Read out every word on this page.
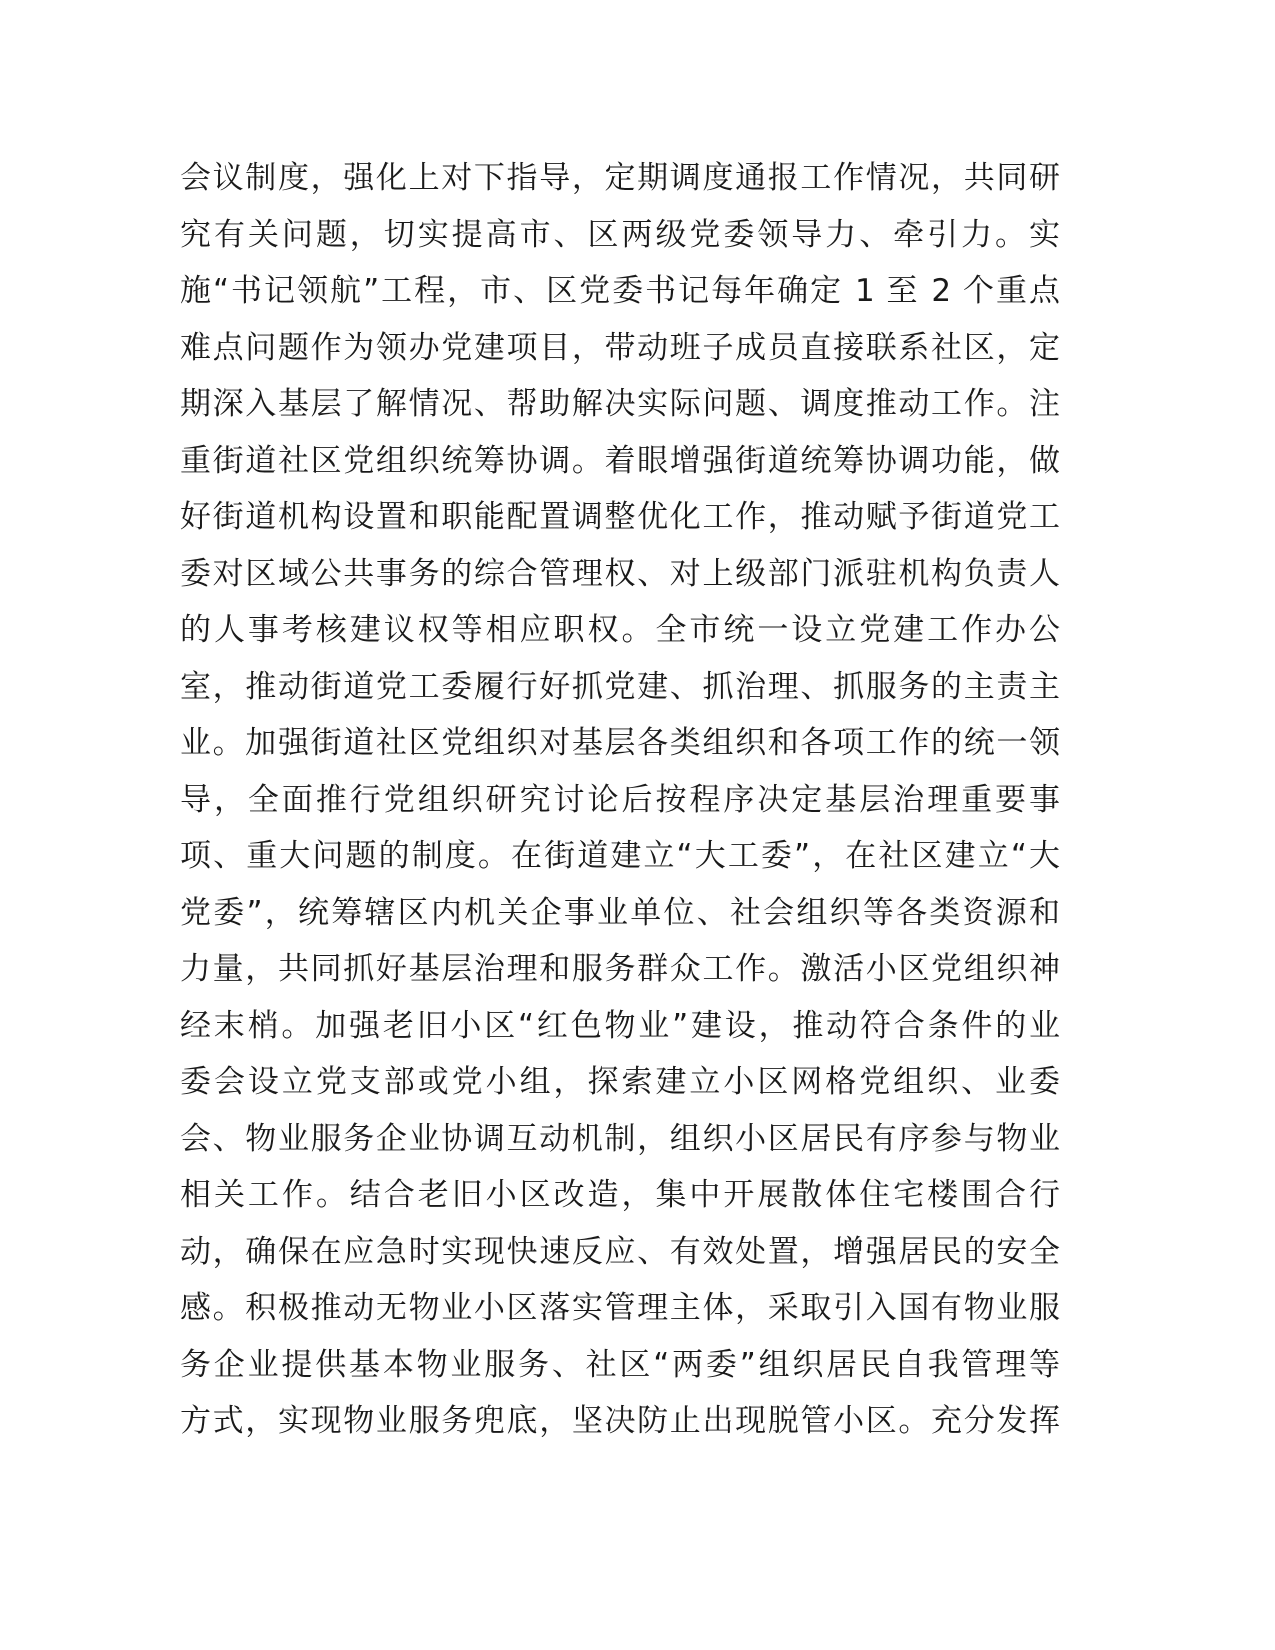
会议制度，强化上对下指导，定期调度通报工作情况，共同研
究有关问题，切实提高市、区两级党委领导力、牵引力。实
施“书记领航”工程，市、区党委书记每年确定 1 至 2 个重点
难点问题作为领办党建项目，带动班子成员直接联系社区，定
期深入基层了解情况、帮助解决实际问题、调度推动工作。注
重街道社区党组织统筹协调。着眼增强街道统筹协调功能，做
好街道机构设置和职能配置调整优化工作，推动赋予街道党工
委对区域公共事务的综合管理权、对上级部门派驻机构负责人
的人事考核建议权等相应职权。全市统一设立党建工作办公
室，推动街道党工委履行好抓党建、抓治理、抓服务的主责主
业。加强街道社区党组织对基层各类组织和各项工作的统一领
导，全面推行党组织研究讨论后按程序决定基层治理重要事
项、重大问题的制度。在街道建立“大工委”，在社区建立“大
党委”，统筹辖区内机关企事业单位、社会组织等各类资源和
力量，共同抓好基层治理和服务群众工作。激活小区党组织神
经末梢。加强老旧小区“红色物业”建设，推动符合条件的业
委会设立党支部或党小组，探索建立小区网格党组织、业委
会、物业服务企业协调互动机制，组织小区居民有序参与物业
相关工作。结合老旧小区改造，集中开展散体住宅楼围合行
动，确保在应急时实现快速反应、有效处置，增强居民的安全
感。积极推动无物业小区落实管理主体，采取引入国有物业服
务企业提供基本物业服务、社区“两委”组织居民自我管理等
方式，实现物业服务兜底，坚决防止出现脱管小区。充分发挥
